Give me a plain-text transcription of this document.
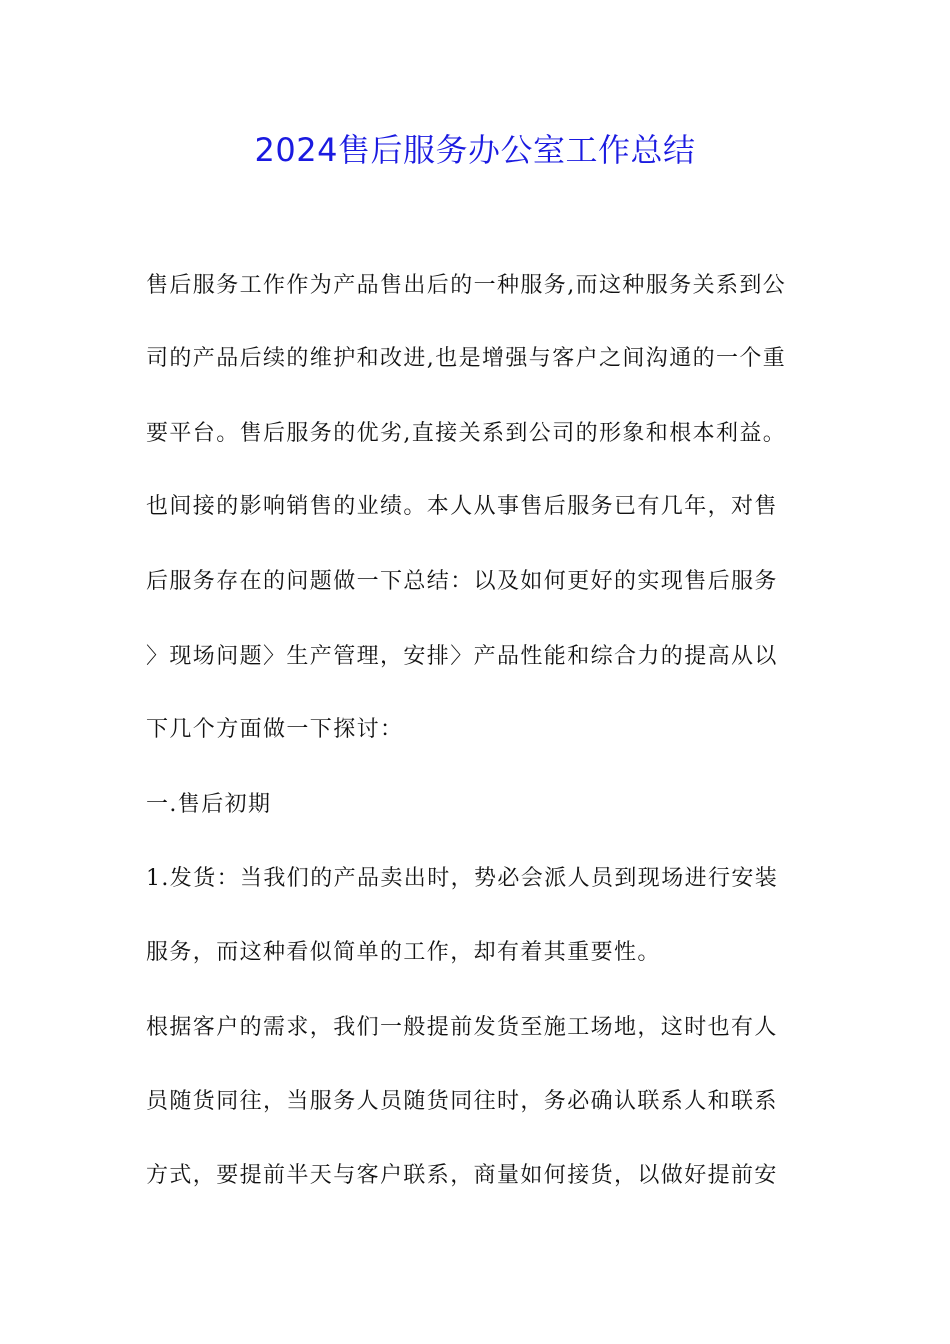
2024售后服务办公室工作总结
售后服务工作作为产品售出后的一种服务,而这种服务关系到公
司的产品后续的维护和改进,也是增强与客户之间沟通的一个重
要平台。售后服务的优劣,直接关系到公司的形象和根本利益。
也间接的影响销售的业绩。本人从事售后服务已有几年，对售
后服务存在的问题做一下总结：以及如何更好的实现售后服务
〉现场问题〉生产管理，安排〉产品性能和综合力的提高从以
下几个方面做一下探讨：
一.售后初期
1.发货：当我们的产品卖出时，势必会派人员到现场进行安装
服务，而这种看似简单的工作，却有着其重要性。
根据客户的需求，我们一般提前发货至施工场地，这时也有人
员随货同往，当服务人员随货同往时，务必确认联系人和联系
方式，要提前半天与客户联系，商量如何接货，以做好提前安
